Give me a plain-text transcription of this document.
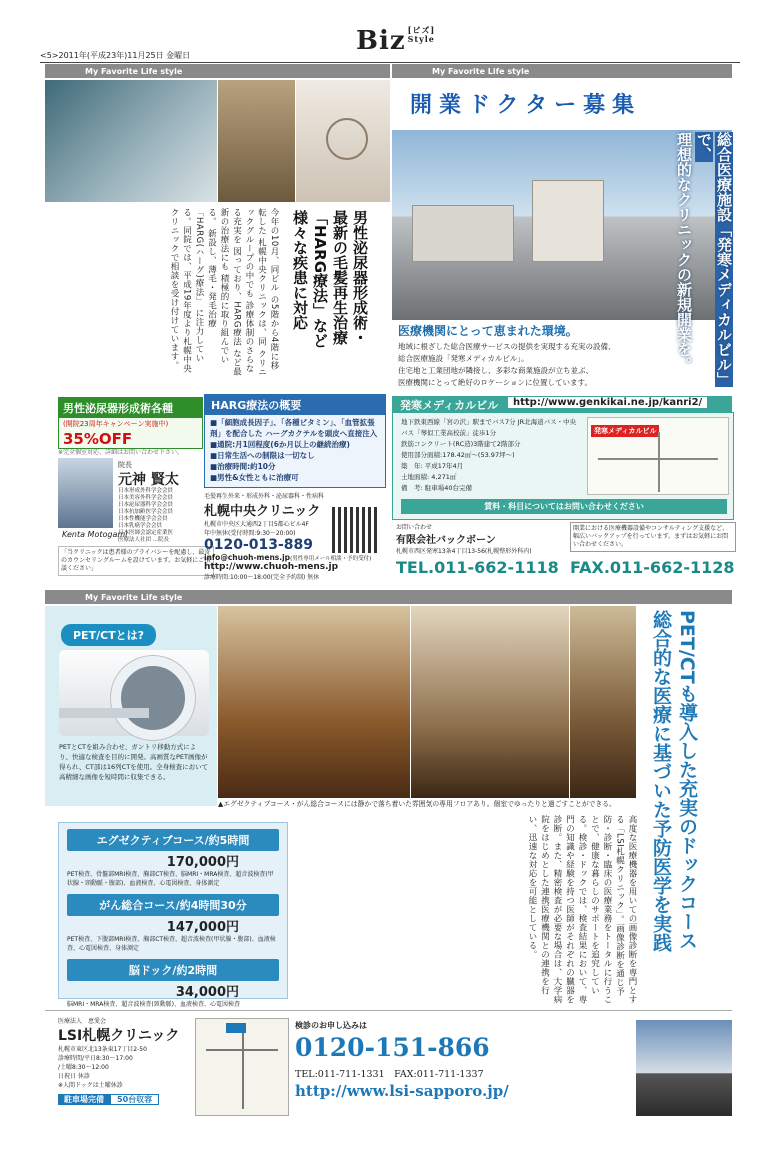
<5>2011年(平成23年)11月25日 金曜日	Biz [ビズ]
Style
My Favorite Life style	My Favorite Life style
男性泌尿器形成術・
最新の毛髪再生治療
「HARG療法」など
様々な疾患に対応
今年の10月、同ビル の5階から4階に移転した 札幌中央クリニックは、同 クリニックグループの中でも 診療体制のさらなる充実を 図っており、HARG療法 など最新の治療法にも 積極的に取り組んでいる。 新設し、薄毛・発毛治療 「HARG(ハーグ)療法」 に注力している。同院では、平成19年度より札幌中央クリニックで相談を受け付けています。
男性泌尿器形成術各種
(開院23周年キャンペーン実施中)
35%OFF
※完全個室対応、詳細はお問い合わせ下さい。
Kenta Motogami
院長
元神 賢太
日本形成外科学会会員
日本美容外科学会会員
日本泌尿器科学会会員
日本抗加齢医学会会員
日本性機能学会会員
日本乳癌学会会員
日本医師会認定産業医
医療法人社団 ...院長
「当クリニックは患者様のプライバシーを配慮し、最寄のカウンセリングルームを設けています。お気軽にご相談ください」
HARG療法の概要
■「細胞成長因子」、「各種ビタミン」、「血管拡張剤」を配合した ハーグカクテルを頭皮へ直接注入
■通院:月1回程度(6か月以上の継続治療)
■日常生活への制限は一切なし
■治療時間:約10分
■男性&女性ともに治療可
毛髪再生外来・形成外科・泌尿器科・性病科
札幌中央クリニック
札幌市中央区大通西2丁目5都心ビル4F
年中無休(受付時間:9:30〜20:00)
0120-013-889
info@chuoh-mens.jp(男性専用メール相談・予約受付)
http://www.chuoh-mens.jp
診療時間:10:00〜18:00(完全予約制) 無休
開業ドクター募集
総合医療施設「発寒メディカルビル」で、
理想的なクリニックの新規開業を。
医療機関にとって恵まれた環境。
地域に根ざした総合医療サービスの提供を実現する充実の設備、
総合医療施設「発寒メディカルビル」。
住宅地と工業団地が隣接し、多彩な商業施設が立ち並ぶ、
医療機関にとって絶好のロケーションに位置しています。
発寒メディカルビル	http://www.genkikai.ne.jp/kanri2/
地下鉄東西線「宮の沢」駅までバス7分 JR北海道バス・中央バス「琴似工業高校前」徒歩1分
鉄筋コンクリート(RC造)3階建て2階部分
使用部分面積:178.42㎡〜(53.97坪〜)
築　年: 平成17年4月
土地面積: 4,271㎡
備　考: 駐車場40台完備
発寒メディカルビル
賃料・科目についてはお問い合わせください
お問い合わせ
有限会社バックボーン
札幌市西区発寒13条4丁目13-56(札幌整形外科内)
開業における医療機器設備やコンサルティング支援など、幅広いバックアップを行っています。まずはお気軽にお問い合わせください。
TEL.011-662-1118 FAX.011-662-1128
My Favorite Life style
PET/CTとは?
PETとCTを組み合わせ、ガントリ移動方式により、快適な検査を目的に開発。高画質なPET画像が得られ、CT部は16列CTを使用。全身検査において高精細な画像を短時間に収集できる。
▲エグゼクティブコース・がん総合コースには静かで落ち着いた雰囲気の専用フロアあり。個室でゆったりと過ごすことができる。	PET/CTも導入した充実のドックコース
総合的な医療に基づいた予防医学を実践
高度な医療機器を用いての画像診断を専門とする「LSI札幌クリニック」。画像診断を通じ予防・診断・臨床の医療業務をトータルに行うことで、健康な暮らしのサポートを追究している。検診・ドックでは、検査結果において、専門の知識や経験を持つ医師がそれぞれの臓器を診断。また、精密検査が必要な場合は、大学病院をはじめとした連携医療機関との連携を行い、迅速な対応を可能としている。
エグゼクティブコース/約5時間
170,000円
PET検査、骨盤部MRI検査、胸部CT検査、脳MRI・MRA検査、超音波検査(甲状腺・頸動脈・腹部)、血液検査、心電図検査、身体測定
がん総合コース/約4時間30分
147,000円
PET検査、下腹部MRI検査、胸部CT検査、超音波検査(甲状腺・腹部)、血液検査、心電図検査、身体測定
脳ドック/約2時間
34,000円
脳MRI・MRA検査、超音波検査(頸動脈)、血液検査、心電図検査
医療法人　恵愛会
LSI札幌クリニック
札幌市東区北13条東17丁目2-50
診療時間/平日8:30〜17:00
/土曜8:30〜12:00
日祝日 休診
※人間ドックは土曜休診
駐車場完備 50台収容
検診のお申し込みは
0120-151-866
TEL:011-711-1331　FAX:011-711-1337
http://www.lsi-sapporo.jp/
